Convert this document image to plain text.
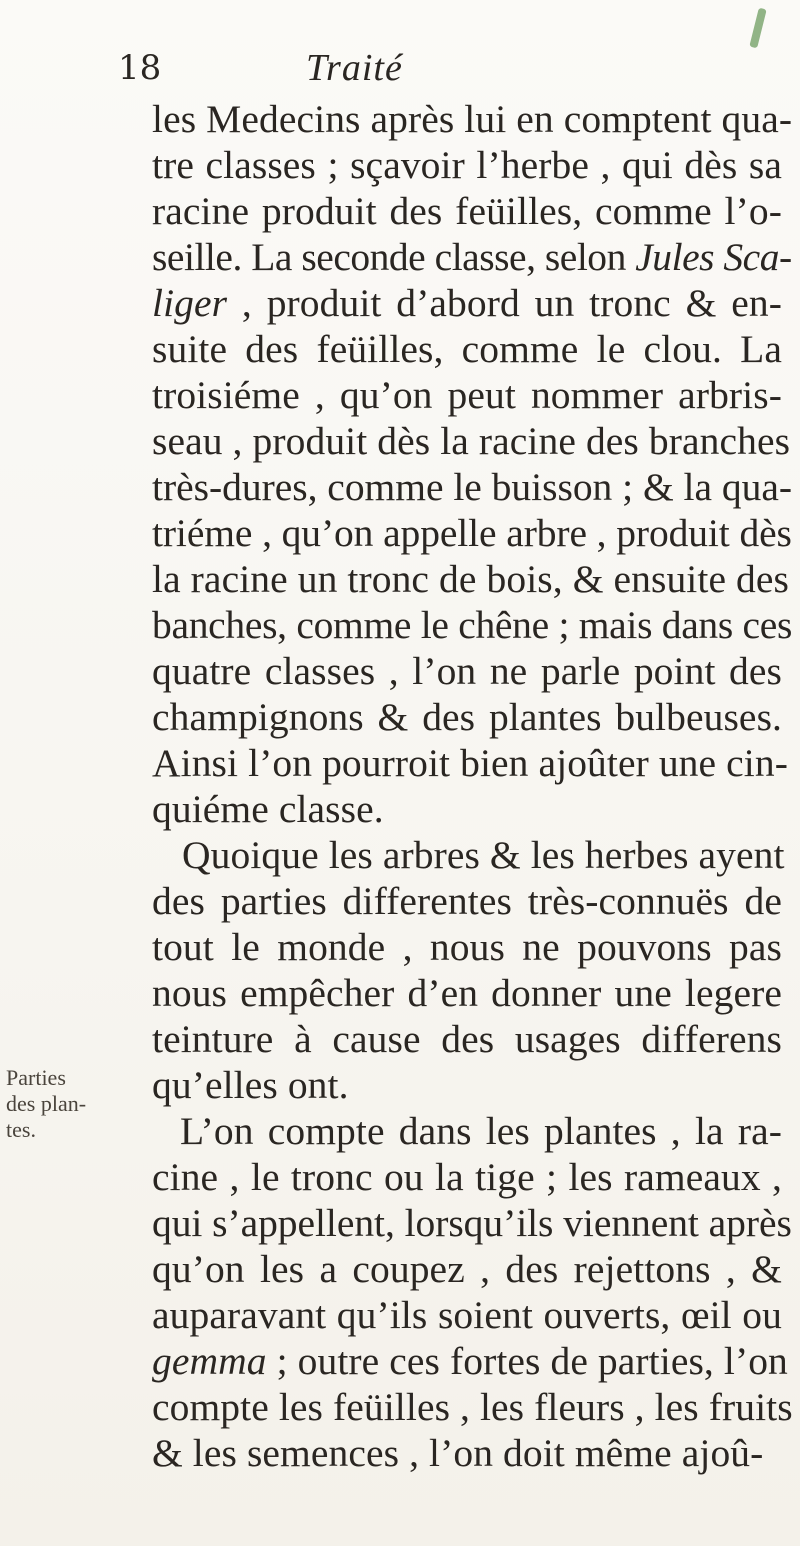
18	Traité
Parties
des plan-
tes.
les Medecins après lui en comptent qua-
tre classes ; sçavoir l’herbe , qui dès sa
racine produit des feüilles, comme l’o-
seille. La seconde classe, selon Jules Sca-
liger , produit d’abord un tronc & en-
suite des feüilles, comme le clou. La
troisiéme , qu’on peut nommer arbris-
seau , produit dès la racine des branches
très-dures, comme le buisson ; & la qua-
triéme , qu’on appelle arbre , produit dès
la racine un tronc de bois, & ensuite des
banches, comme le chêne ; mais dans ces
quatre classes , l’on ne parle point des
champignons & des plantes bulbeuses.
Ainsi l’on pourroit bien ajoûter une cin-
quiéme classe.
Quoique les arbres & les herbes ayent
des parties differentes très-connuës de
tout le monde , nous ne pouvons pas
nous empêcher d’en donner une legere
teinture à cause des usages differens
qu’elles ont.
L’on compte dans les plantes , la ra-
cine , le tronc ou la tige ; les rameaux ,
qui s’appellent, lorsqu’ils viennent après
qu’on les a coupez , des rejettons , &
auparavant qu’ils soient ouverts, œil ou
gemma ; outre ces fortes de parties, l’on
compte les feüilles , les fleurs , les fruits
& les semences , l’on doit même ajoû-
